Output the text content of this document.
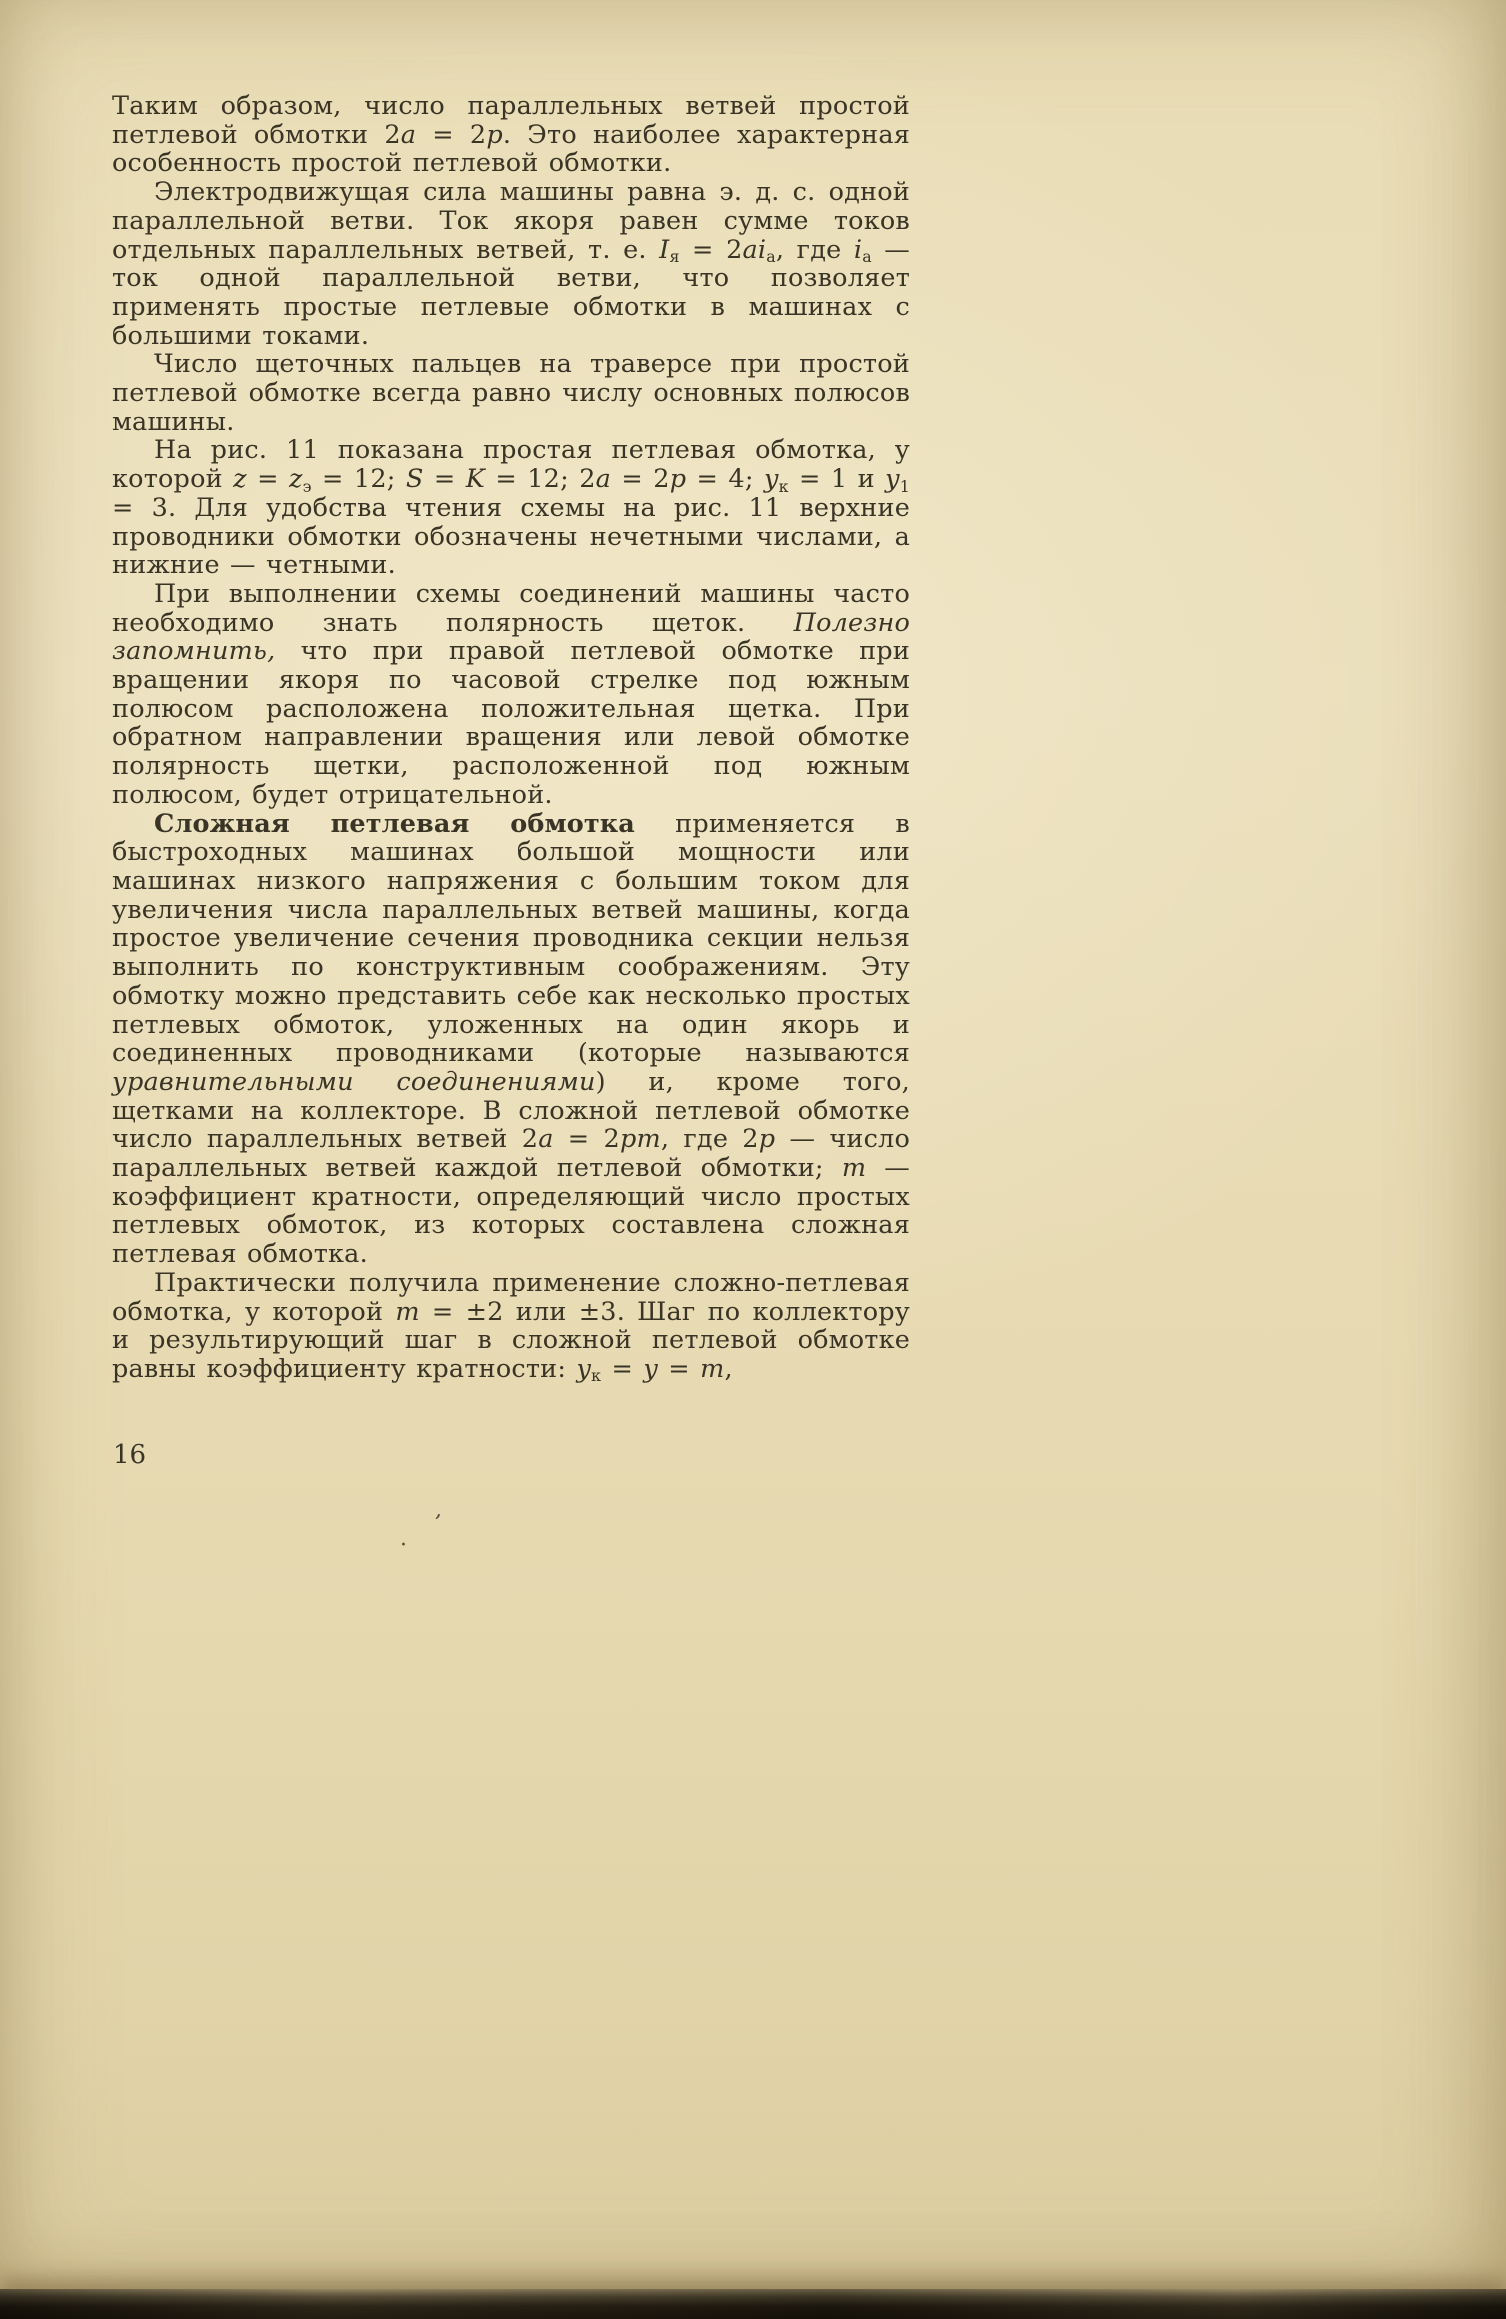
Таким образом, число параллельных ветвей простой петлевой обмотки 2a = 2p. Это наиболее характерная особенность простой петлевой обмотки.

Электродвижущая сила машины равна э. д. с. одной параллельной ветви. Ток якоря равен сумме токов отдельных параллельных ветвей, т. е. $I_я = 2ai_а$, где $i_а$ — ток одной параллельной ветви, что позволяет применять простые петлевые обмотки в машинах с большими токами.

Число щеточных пальцев на траверсе при простой петлевой обмотке всегда равно числу основных полюсов машины.

На рис. 11 показана простая петлевая обмотка, у которой $z = z_э = 12$; S = K = 12; 2a = 2p = 4; $y_к = 1$ и $y_1 = 3$. Для удобства чтения схемы на рис. 11 верхние проводники обмотки обозначены нечетными числами, а нижние — четными.

При выполнении схемы соединений машины часто необходимо знать полярность щеток. Полезно запомнить, что при правой петлевой обмотке при вращении якоря по часовой стрелке под южным полюсом расположена положительная щетка. При обратном направлении вращения или левой обмотке полярность щетки, расположенной под южным полюсом, будет отрицательной.

Сложная петлевая обмотка применяется в быстроходных машинах большой мощности или машинах низкого напряжения с большим током для увеличения числа параллельных ветвей машины, когда простое увеличение сечения проводника секции нельзя выполнить по конструктивным соображениям. Эту обмотку можно представить себе как несколько простых петлевых обмоток, уложенных на один якорь и соединенных проводниками (которые называются уравнительными соединениями) и, кроме того, щетками на коллекторе. В сложной петлевой обмотке число параллельных ветвей 2a = 2pm, где 2p — число параллельных ветвей каждой петлевой обмотки; m — коэффициент кратности, определяющий число простых петлевых обмоток, из которых составлена сложная петлевая обмотка.

Практически получила применение сложно-петлевая обмотка, у которой m = ±2 или ±3. Шаг по коллектору и результирующий шаг в сложной петлевой обмотке равны коэффициенту кратности: $y_к = y = m$,

16
·
ʼ
